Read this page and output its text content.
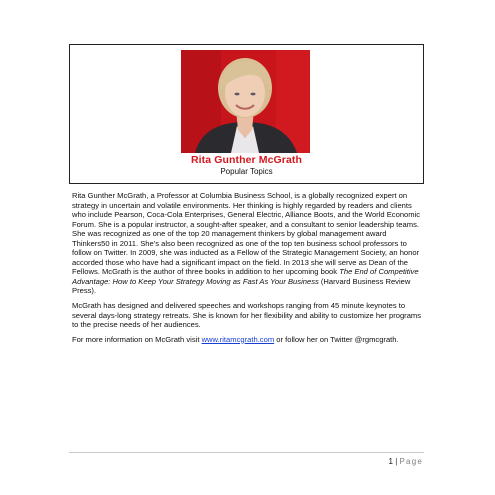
Rita Gunther McGrath
Popular Topics

Rita Gunther McGrath, a Professor at Columbia Business School, is a globally recognized expert on strategy in uncertain and volatile environments. Her thinking is highly regarded by readers and clients who include Pearson, Coca-Cola Enterprises, General Electric, Alliance Boots, and the World Economic Forum. She is a popular instructor, a sought-after speaker, and a consultant to senior leadership teams. She was recognized as one of the top 20 management thinkers by global management award Thinkers50 in 2011. She's also been recognized as one of the top ten business school professors to follow on Twitter. In 2009, she was inducted as a Fellow of the Strategic Management Society, an honor accorded those who have had a significant impact on the field. In 2013 she will serve as Dean of the Fellows. McGrath is the author of three books in addition to her upcoming book The End of Competitive Advantage: How to Keep Your Strategy Moving as Fast As Your Business (Harvard Business Review Press).

McGrath has designed and delivered speeches and workshops ranging from 45 minute keynotes to several days-long strategy retreats. She is known for her flexibility and ability to customize her programs to the precise needs of her audiences.

For more information on McGrath visit www.ritamcgrath.com or follow her on Twitter @rgmcgrath.

1 | Page
